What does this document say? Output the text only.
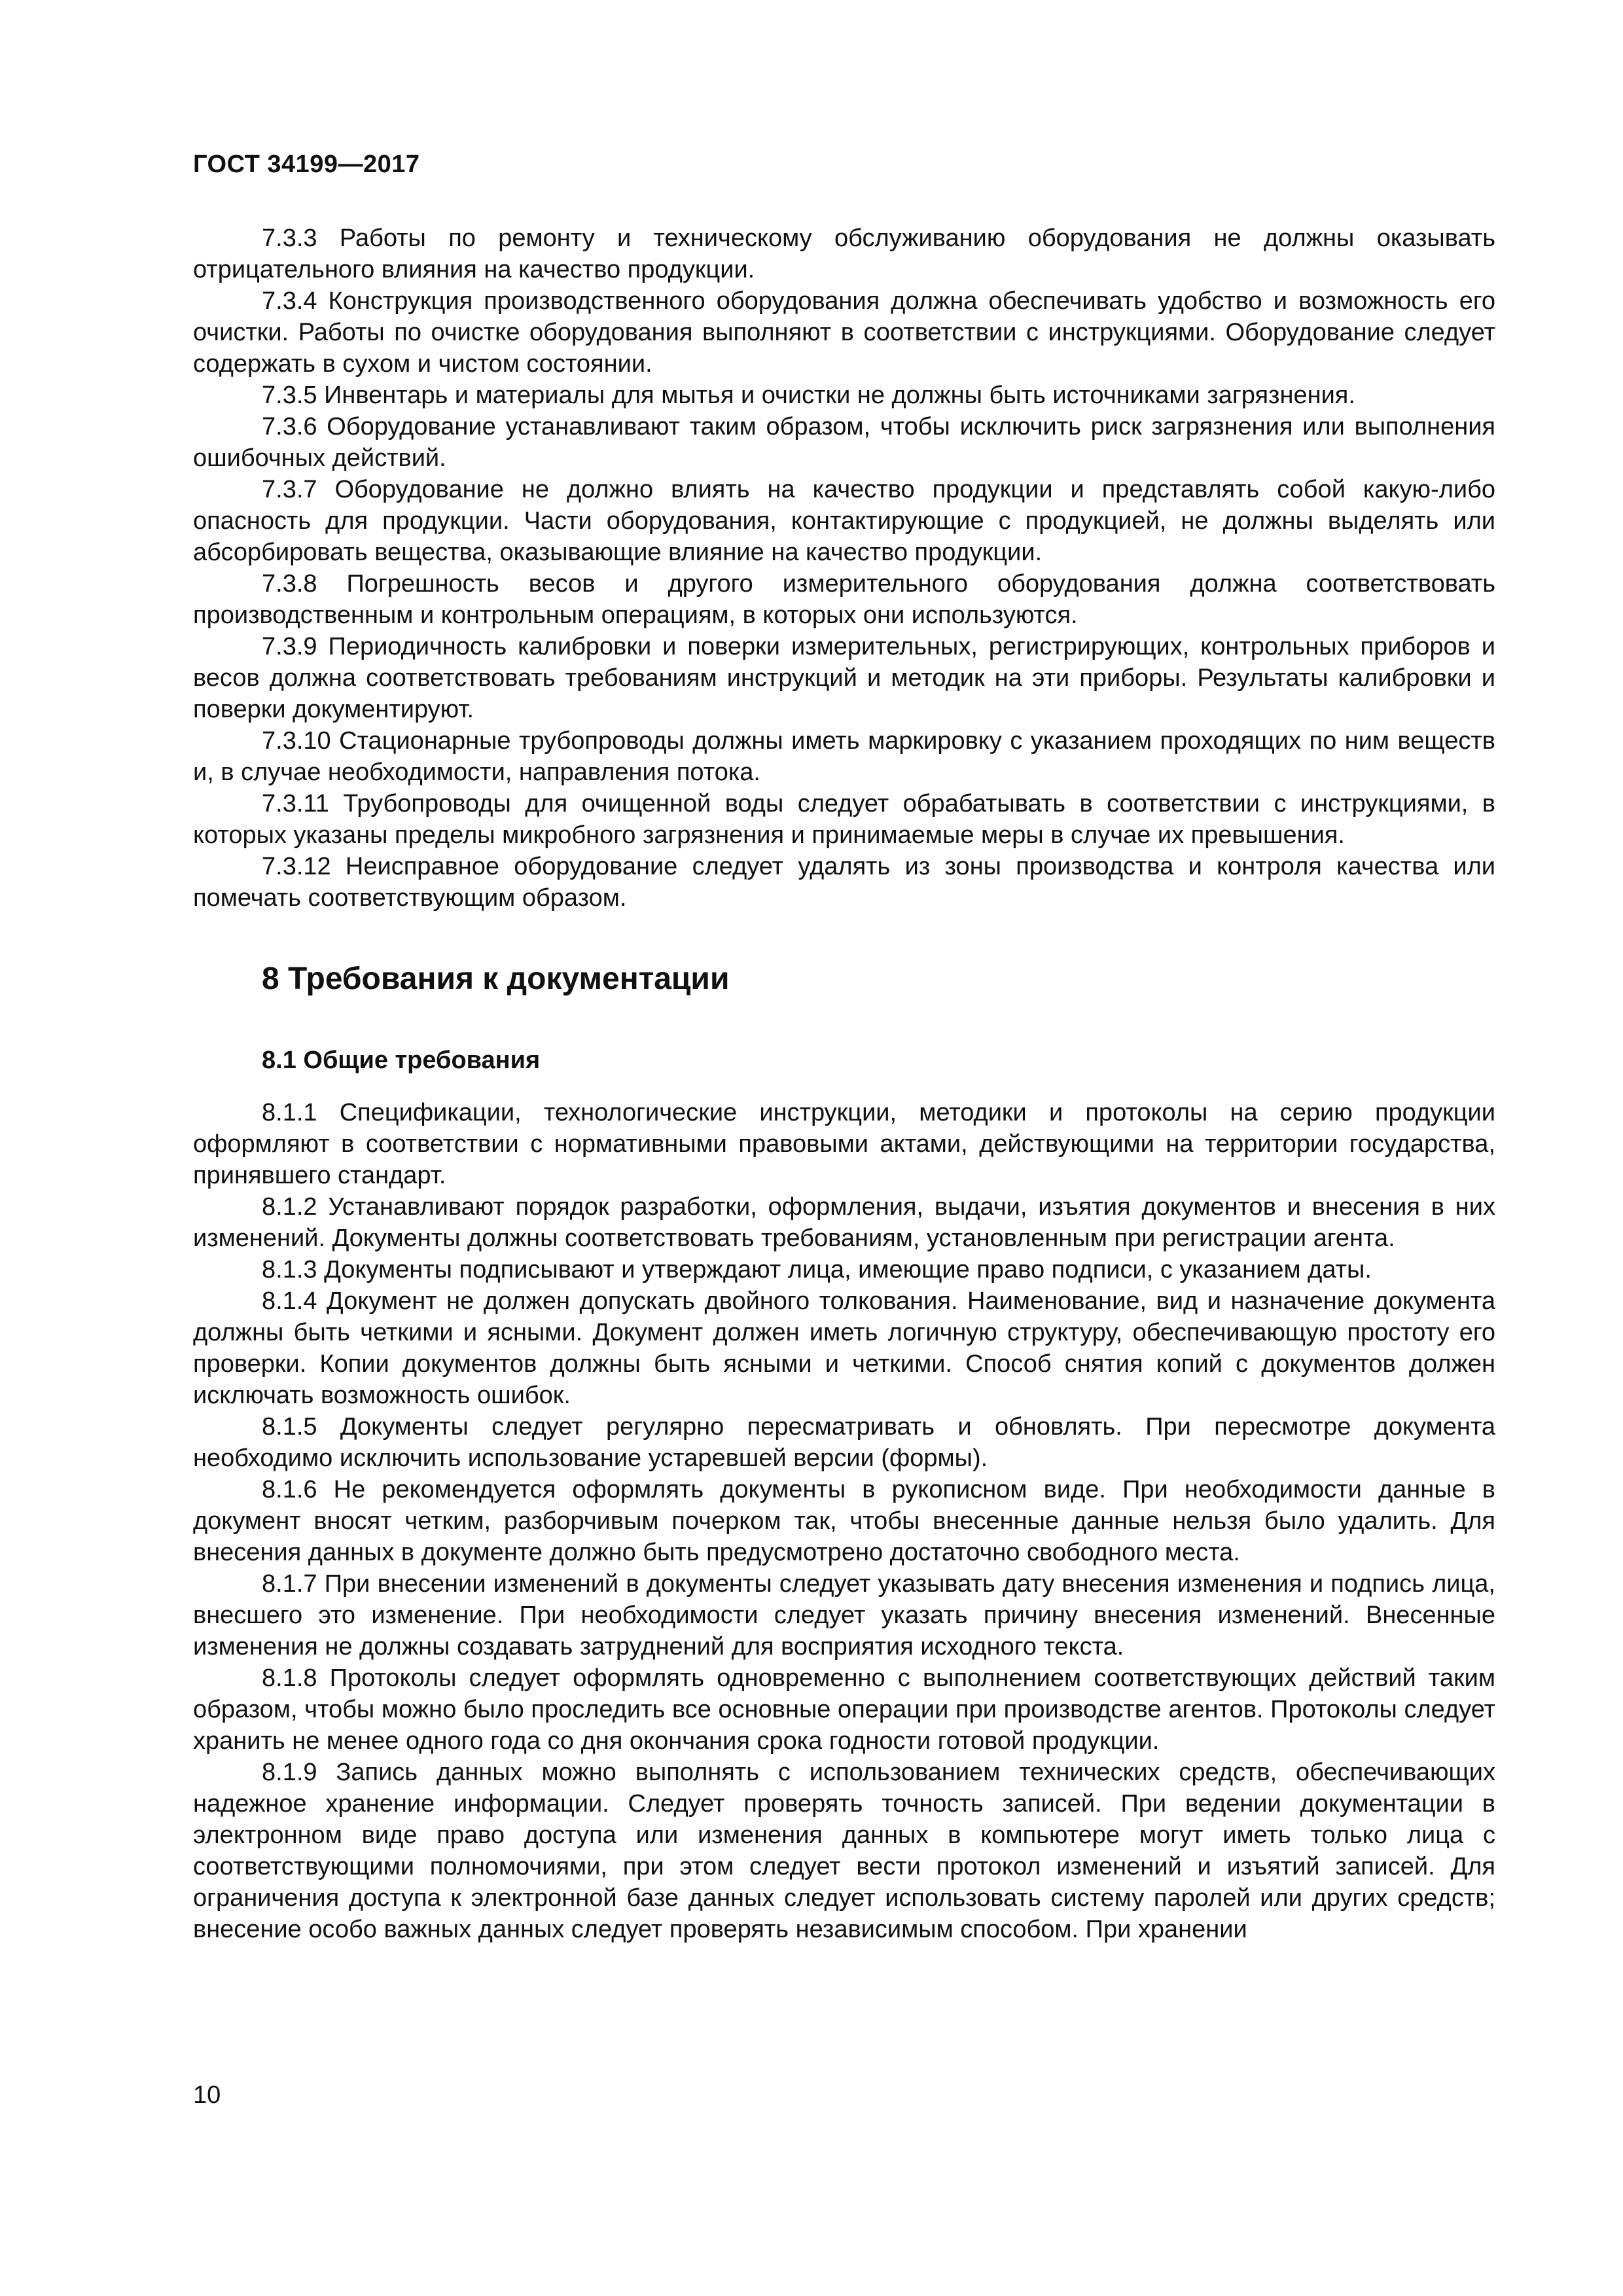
ГОСТ 34199—2017

7.3.3 Работы по ремонту и техническому обслуживанию оборудования не должны оказывать отрицательного влияния на качество продукции.

7.3.4 Конструкция производственного оборудования должна обеспечивать удобство и возможность его очистки. Работы по очистке оборудования выполняют в соответствии с инструкциями. Оборудование следует содержать в сухом и чистом состоянии.

7.3.5 Инвентарь и материалы для мытья и очистки не должны быть источниками загрязнения.

7.3.6 Оборудование устанавливают таким образом, чтобы исключить риск загрязнения или выполнения ошибочных действий.

7.3.7 Оборудование не должно влиять на качество продукции и представлять собой какую-либо опасность для продукции. Части оборудования, контактирующие с продукцией, не должны выделять или абсорбировать вещества, оказывающие влияние на качество продукции.

7.3.8 Погрешность весов и другого измерительного оборудования должна соответствовать производственным и контрольным операциям, в которых они используются.

7.3.9 Периодичность калибровки и поверки измерительных, регистрирующих, контрольных приборов и весов должна соответствовать требованиям инструкций и методик на эти приборы. Результаты калибровки и поверки документируют.

7.3.10 Стационарные трубопроводы должны иметь маркировку с указанием проходящих по ним веществ и, в случае необходимости, направления потока.

7.3.11 Трубопроводы для очищенной воды следует обрабатывать в соответствии с инструкциями, в которых указаны пределы микробного загрязнения и принимаемые меры в случае их превышения.

7.3.12 Неисправное оборудование следует удалять из зоны производства и контроля качества или помечать соответствующим образом.

8 Требования к документации
8.1 Общие требования

8.1.1 Спецификации, технологические инструкции, методики и протоколы на серию продукции оформляют в соответствии с нормативными правовыми актами, действующими на территории государства, принявшего стандарт.

8.1.2 Устанавливают порядок разработки, оформления, выдачи, изъятия документов и внесения в них изменений. Документы должны соответствовать требованиям, установленным при регистрации агента.

8.1.3 Документы подписывают и утверждают лица, имеющие право подписи, с указанием даты.

8.1.4 Документ не должен допускать двойного толкования. Наименование, вид и назначение документа должны быть четкими и ясными. Документ должен иметь логичную структуру, обеспечивающую простоту его проверки. Копии документов должны быть ясными и четкими. Способ снятия копий с документов должен исключать возможность ошибок.

8.1.5 Документы следует регулярно пересматривать и обновлять. При пересмотре документа необходимо исключить использование устаревшей версии (формы).

8.1.6 Не рекомендуется оформлять документы в рукописном виде. При необходимости данные в документ вносят четким, разборчивым почерком так, чтобы внесенные данные нельзя было удалить. Для внесения данных в документе должно быть предусмотрено достаточно свободного места.

8.1.7 При внесении изменений в документы следует указывать дату внесения изменения и подпись лица, внесшего это изменение. При необходимости следует указать причину внесения изменений. Внесенные изменения не должны создавать затруднений для восприятия исходного текста.

8.1.8 Протоколы следует оформлять одновременно с выполнением соответствующих действий таким образом, чтобы можно было проследить все основные операции при производстве агентов. Протоколы следует хранить не менее одного года со дня окончания срока годности готовой продукции.

8.1.9 Запись данных можно выполнять с использованием технических средств, обеспечивающих надежное хранение информации. Следует проверять точность записей. При ведении документации в электронном виде право доступа или изменения данных в компьютере могут иметь только лица с соответствующими полномочиями, при этом следует вести протокол изменений и изъятий записей. Для ограничения доступа к электронной базе данных следует использовать систему паролей или других средств; внесение особо важных данных следует проверять независимым способом. При хранении

10
